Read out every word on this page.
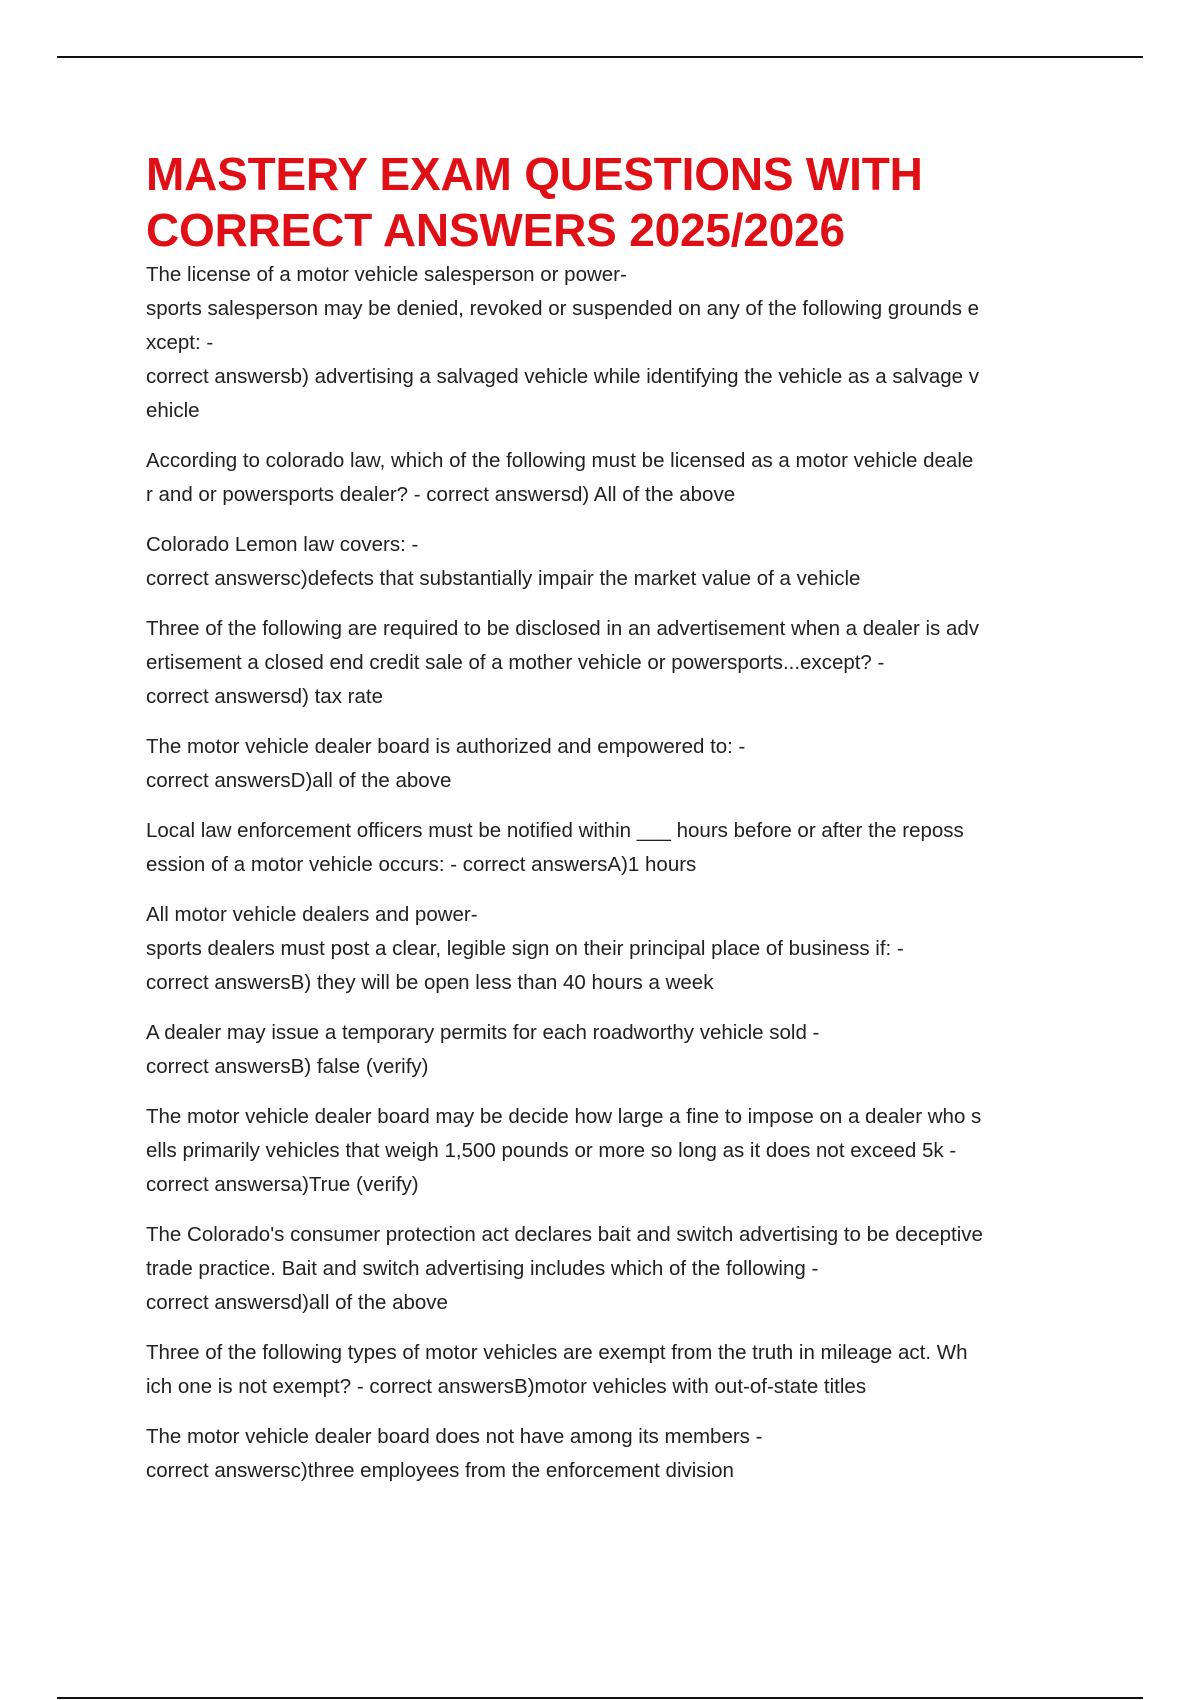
MASTERY EXAM QUESTIONS WITH
CORRECT ANSWERS 2025/2026
The license of a motor vehicle salesperson or power-
sports salesperson may be denied, revoked or suspended on any of the following grounds e
xcept: -
correct answersb) advertising a salvaged vehicle while identifying the vehicle as a salvage v
ehicle
According to colorado law, which of the following must be licensed as a motor vehicle deale
r and or powersports dealer? - correct answersd) All of the above
Colorado Lemon law covers: -
correct answersc)defects that substantially impair the market value of a vehicle
Three of the following are required to be disclosed in an advertisement when a dealer is adv
ertisement a closed end credit sale of a mother vehicle or powersports...except? -
correct answersd) tax rate
The motor vehicle dealer board is authorized and empowered to: -
correct answersD)all of the above
Local law enforcement officers must be notified within ___ hours before or after the reposs
ession of a motor vehicle occurs: - correct answersA)1 hours
All motor vehicle dealers and power-
sports dealers must post a clear, legible sign on their principal place of business if: -
correct answersB) they will be open less than 40 hours a week
A dealer may issue a temporary permits for each roadworthy vehicle sold -
correct answersB) false (verify)
The motor vehicle dealer board may be decide how large a fine to impose on a dealer who s
ells primarily vehicles that weigh 1,500 pounds or more so long as it does not exceed 5k -
correct answersa)True (verify)
The Colorado's consumer protection act declares bait and switch advertising to be deceptive
trade practice. Bait and switch advertising includes which of the following -
correct answersd)all of the above
Three of the following types of motor vehicles are exempt from the truth in mileage act. Wh
ich one is not exempt? - correct answersB)motor vehicles with out-of-state titles
The motor vehicle dealer board does not have among its members -
correct answersc)three employees from the enforcement division
